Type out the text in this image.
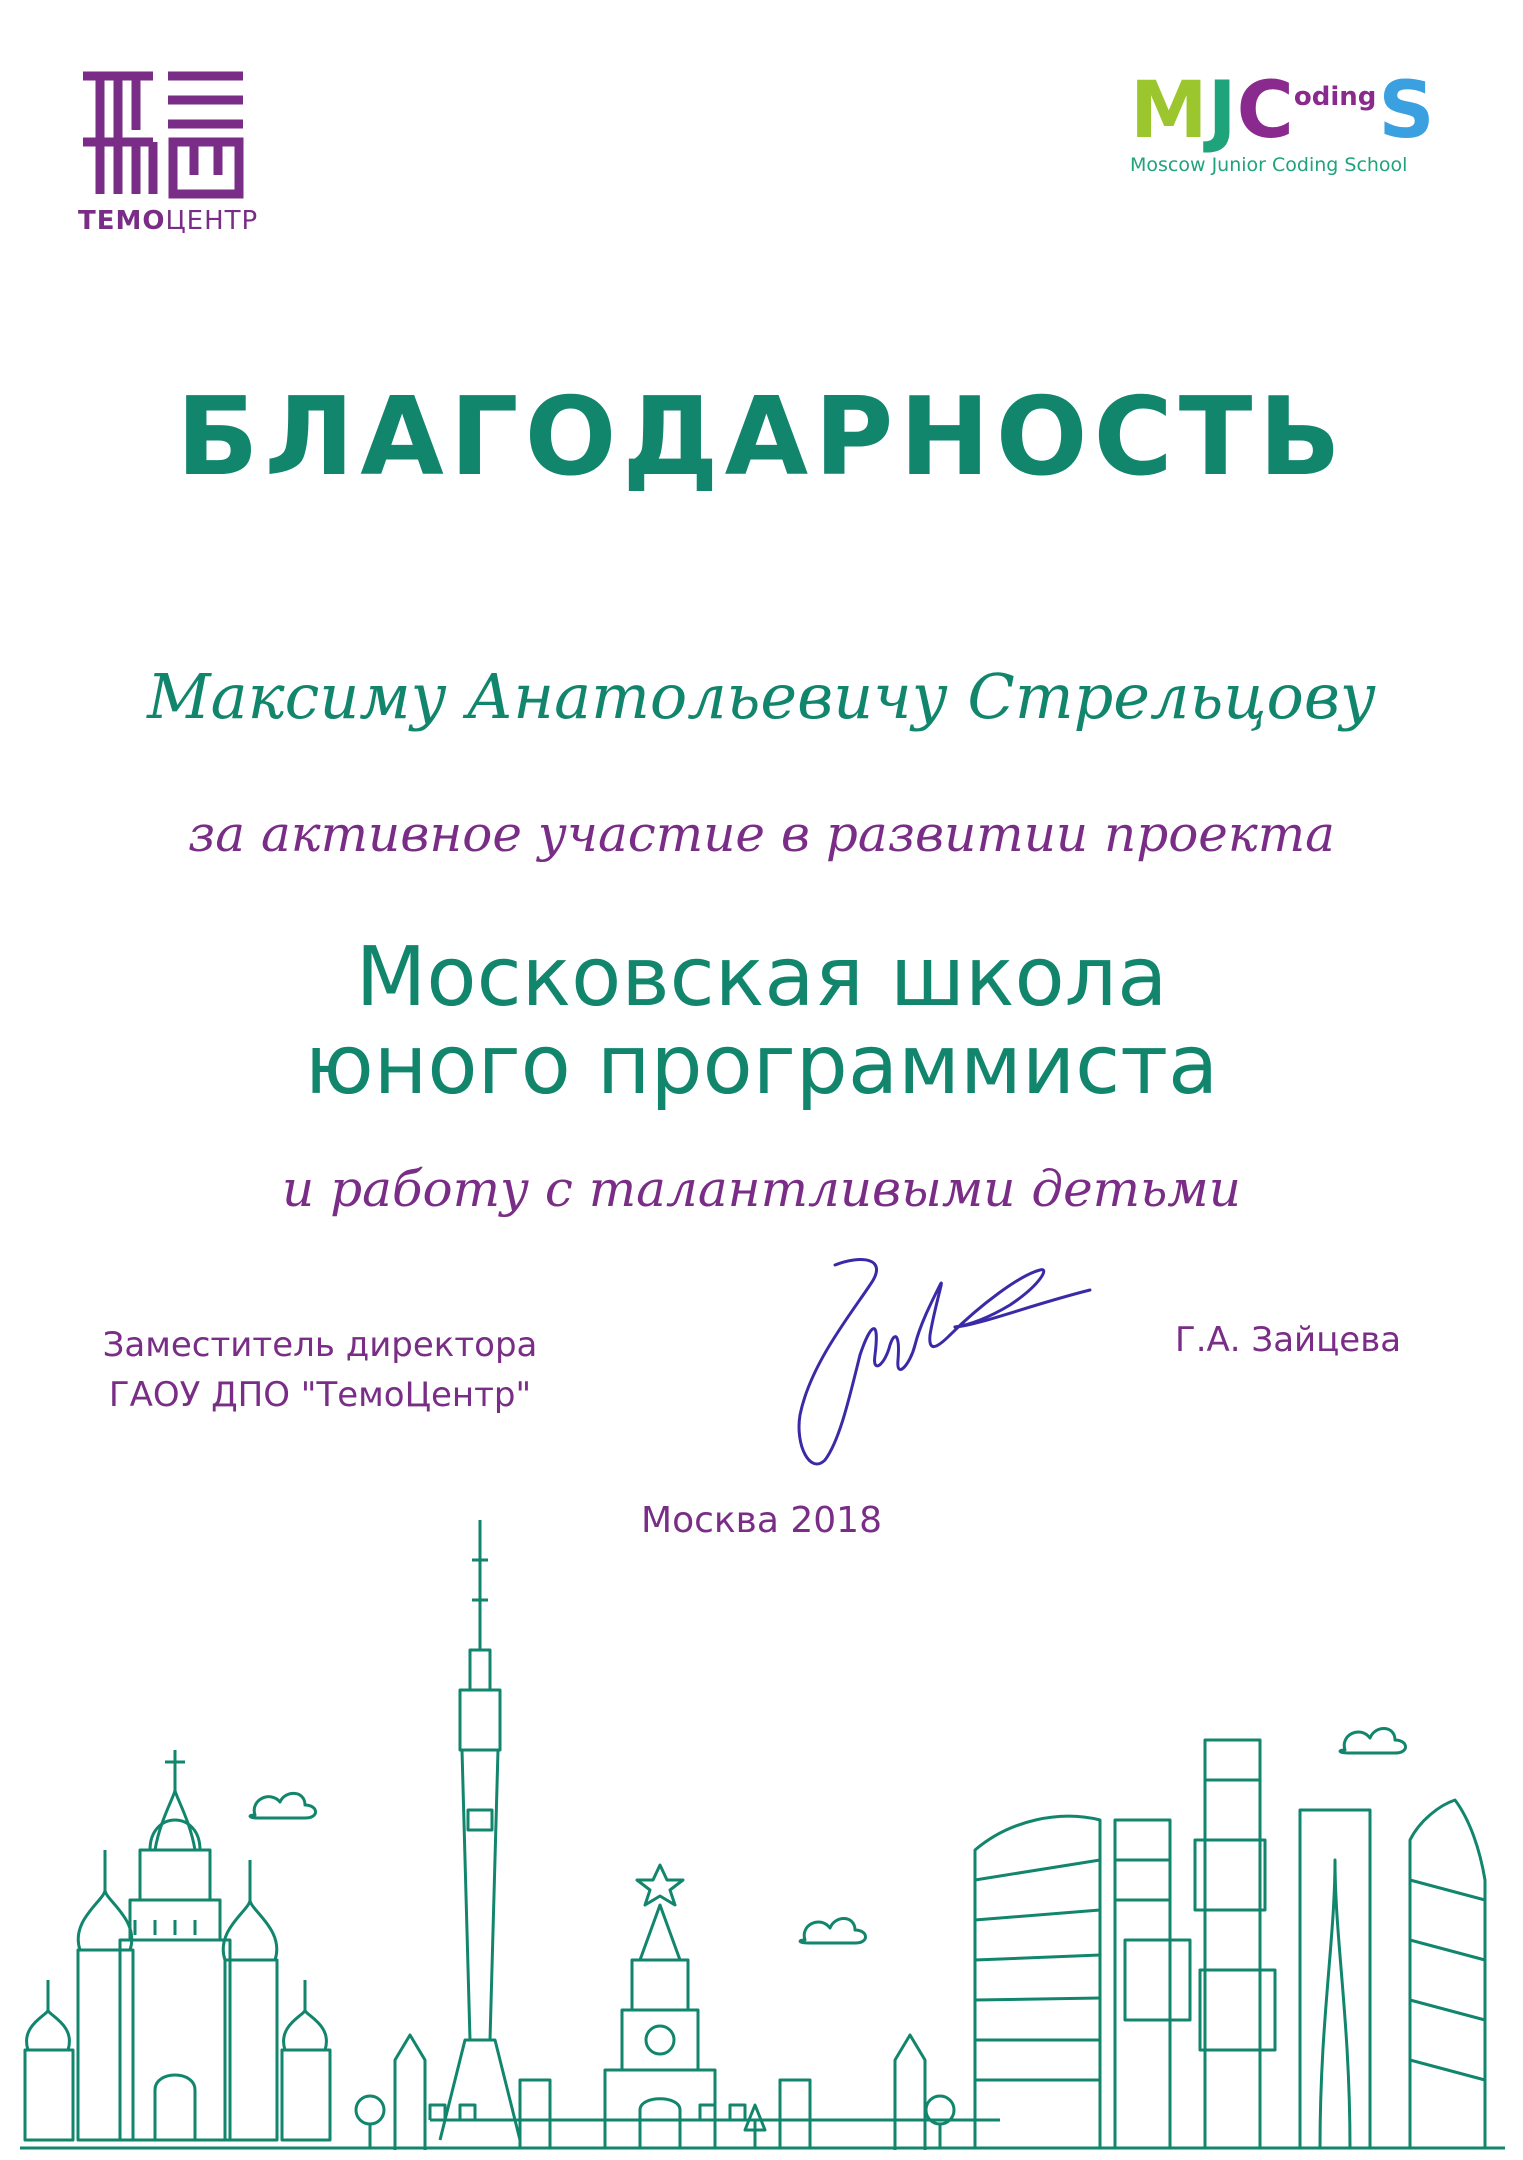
ТЕМОЦЕНТР
M J C oding S
Moscow Junior Coding School
БЛАГОДАРНОСТЬ
Максиму Анатольевичу Стрельцову
за активное участие в развитии проекта
Московская школа
юного программиста
и работу с талантливыми детьми
Заместитель директора
ГАОУ ДПО "ТемоЦентр"
Г.А. Зайцева
Москва 2018
